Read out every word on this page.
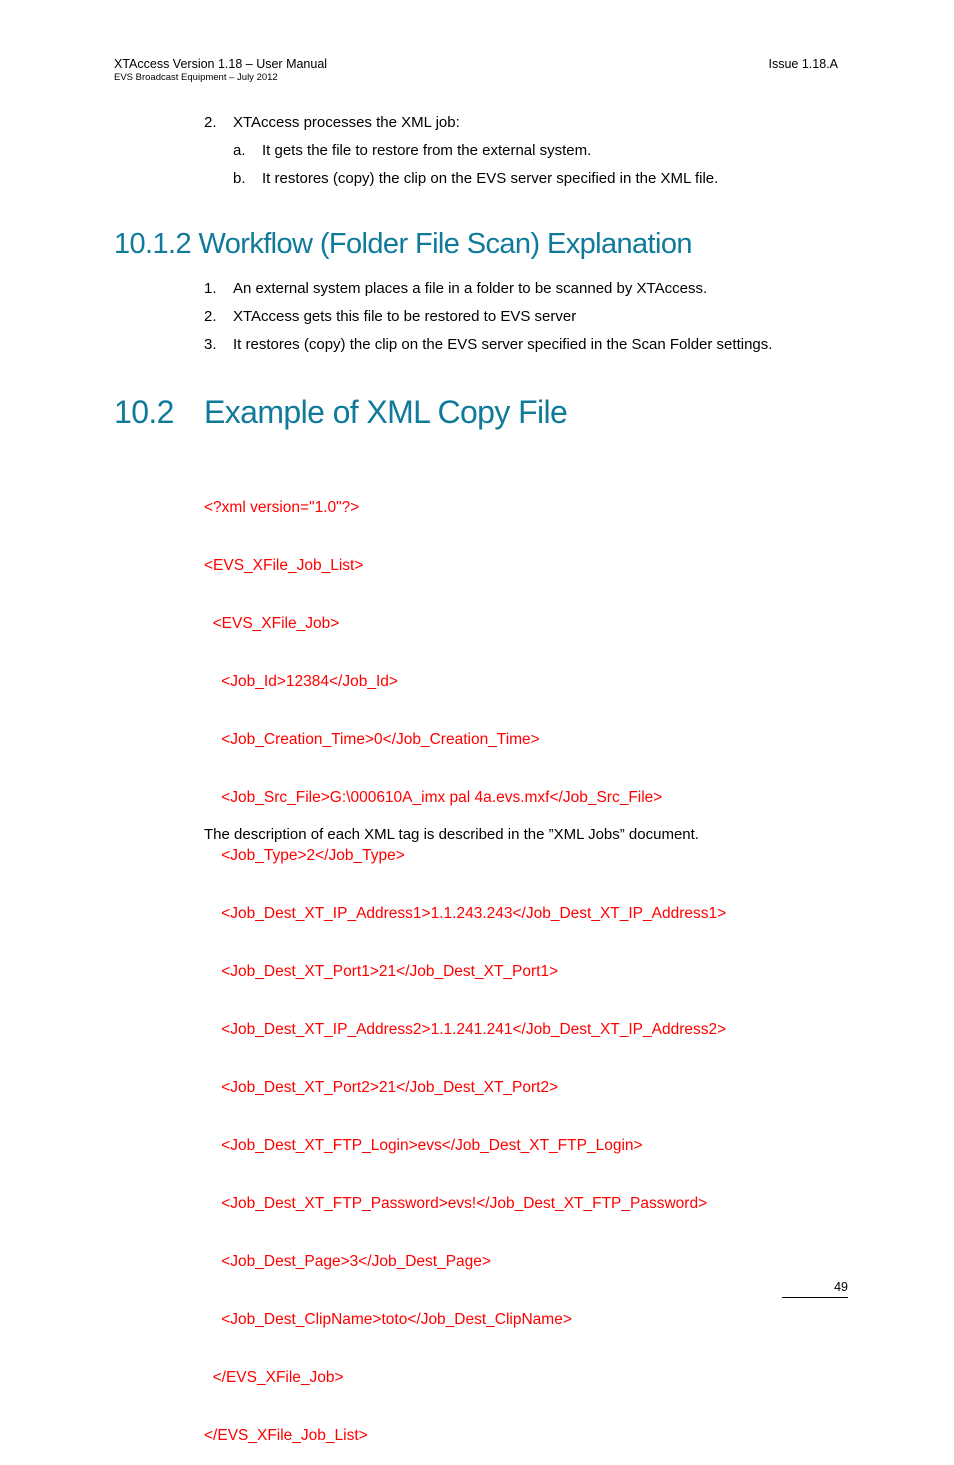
XTAccess Version 1.18 – User Manual
EVS Broadcast Equipment – July 2012
Issue 1.18.A
2. XTAccess processes the XML job:
a. It gets the file to restore from the external system.
b. It restores (copy) the clip on the EVS server specified in the XML file.
10.1.2 Workflow (Folder File Scan) Explanation
1. An external system places a file in a folder to be scanned by XTAccess.
2. XTAccess gets this file to be restored to EVS server
3. It restores (copy) the clip on the EVS server specified in the Scan Folder settings.
10.2 Example of XML Copy File

<?xml version="1.0"?>

<EVS_XFile_Job_List>

<EVS_XFile_Job>

<Job_Id>12384</Job_Id>

<Job_Creation_Time>0</Job_Creation_Time>

<Job_Src_File>G:\000610A_imx pal 4a.evs.mxf</Job_Src_File>

<Job_Type>2</Job_Type>

<Job_Dest_XT_IP_Address1>1.1.243.243</Job_Dest_XT_IP_Address1>

<Job_Dest_XT_Port1>21</Job_Dest_XT_Port1>

<Job_Dest_XT_IP_Address2>1.1.241.241</Job_Dest_XT_IP_Address2>

<Job_Dest_XT_Port2>21</Job_Dest_XT_Port2>

<Job_Dest_XT_FTP_Login>evs</Job_Dest_XT_FTP_Login>

<Job_Dest_XT_FTP_Password>evs!</Job_Dest_XT_FTP_Password>

<Job_Dest_Page>3</Job_Dest_Page>

<Job_Dest_ClipName>toto</Job_Dest_ClipName>

</EVS_XFile_Job>

</EVS_XFile_Job_List>

The description of each XML tag is described in the ”XML Jobs” document.
49
